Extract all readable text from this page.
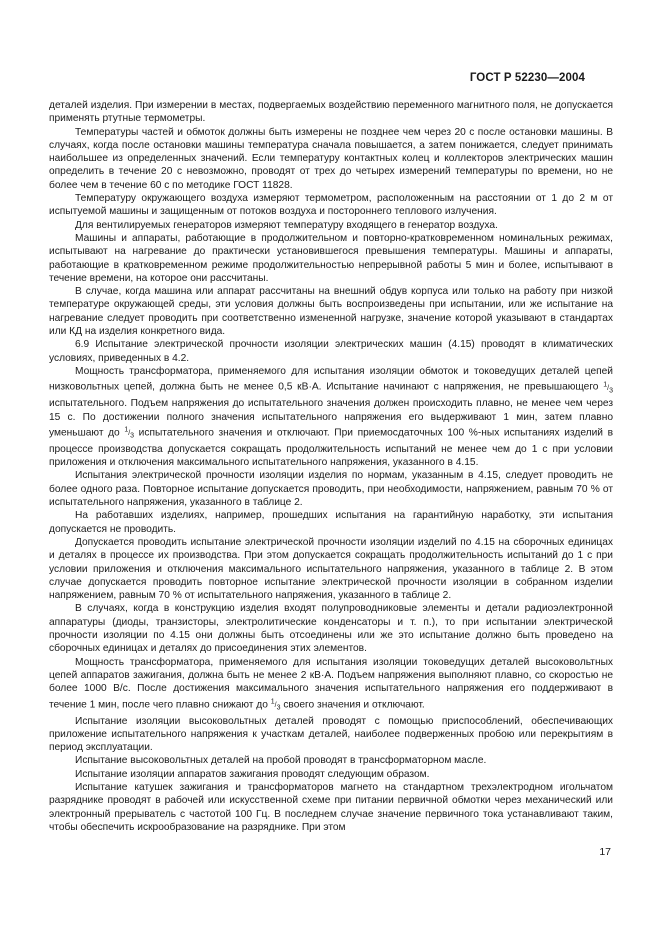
ГОСТ Р 52230—2004

деталей изделия. При измерении в местах, подвергаемых воздействию переменного магнитного поля, не допускается применять ртутные термометры.

Температуры частей и обмоток должны быть измерены не позднее чем через 20 с после остановки машины. В случаях, когда после остановки машины температура сначала повышается, а затем понижается, следует принимать наибольшее из определенных значений. Если температуру контактных колец и коллекторов электрических машин определить в течение 20 с невозможно, проводят от трех до четырех измерений температуры по времени, но не более чем в течение 60 с по методике ГОСТ 11828.

Температуру окружающего воздуха измеряют термометром, расположенным на расстоянии от 1 до 2 м от испытуемой машины и защищенным от потоков воздуха и постороннего теплового излучения.

Для вентилируемых генераторов измеряют температуру входящего в генератор воздуха.

Машины и аппараты, работающие в продолжительном и повторно-кратковременном номинальных режимах, испытывают на нагревание до практически установившегося превышения температуры. Машины и аппараты, работающие в кратковременном режиме продолжительностью непрерывной работы 5 мин и более, испытывают в течение времени, на которое они рассчитаны.

В случае, когда машина или аппарат рассчитаны на внешний обдув корпуса или только на работу при низкой температуре окружающей среды, эти условия должны быть воспроизведены при испытании, или же испытание на нагревание следует проводить при соответственно измененной нагрузке, значение которой указывают в стандартах или КД на изделия конкретного вида.

6.9 Испытание электрической прочности изоляции электрических машин (4.15) проводят в климатических условиях, приведенных в 4.2.

Мощность трансформатора, применяемого для испытания изоляции обмоток и токоведущих деталей цепей низковольтных цепей, должна быть не менее 0,5 кВ·А. Испытание начинают с напряжения, не превышающего 1/3 испытательного. Подъем напряжения до испытательного значения должен происходить плавно, не менее чем через 15 с. По достижении полного значения испытательного напряжения его выдерживают 1 мин, затем плавно уменьшают до 1/3 испытательного значения и отключают. При приемосдаточных 100 %-ных испытаниях изделий в процессе производства допускается сокращать продолжительность испытаний не менее чем до 1 с при условии приложения и отключения максимального испытательного напряжения, указанного в 4.15.

Испытания электрической прочности изоляции изделия по нормам, указанным в 4.15, следует проводить не более одного раза. Повторное испытание допускается проводить, при необходимости, напряжением, равным 70 % от испытательного напряжения, указанного в таблице 2.

На работавших изделиях, например, прошедших испытания на гарантийную наработку, эти испытания допускается не проводить.

Допускается проводить испытание электрической прочности изоляции изделий по 4.15 на сборочных единицах и деталях в процессе их производства. При этом допускается сокращать продолжительность испытаний до 1 с при условии приложения и отключения максимального испытательного напряжения, указанного в таблице 2. В этом случае допускается проводить повторное испытание электрической прочности изоляции в собранном изделии напряжением, равным 70 % от испытательного напряжения, указанного в таблице 2.

В случаях, когда в конструкцию изделия входят полупроводниковые элементы и детали радиоэлектронной аппаратуры (диоды, транзисторы, электролитические конденсаторы и т. п.), то при испытании электрической прочности изоляции по 4.15 они должны быть отсоединены или же это испытание должно быть проведено на сборочных единицах и деталях до присоединения этих элементов.

Мощность трансформатора, применяемого для испытания изоляции токоведущих деталей высоковольтных цепей аппаратов зажигания, должна быть не менее 2 кВ·А. Подъем напряжения выполняют плавно, со скоростью не более 1000 В/с. После достижения максимального значения испытательного напряжения его поддерживают в течение 1 мин, после чего плавно снижают до 1/3 своего значения и отключают.

Испытание изоляции высоковольтных деталей проводят с помощью приспособлений, обеспечивающих приложение испытательного напряжения к участкам деталей, наиболее подверженных пробою или перекрытиям в период эксплуатации.

Испытание высоковольтных деталей на пробой проводят в трансформаторном масле.

Испытание изоляции аппаратов зажигания проводят следующим образом.

Испытание катушек зажигания и трансформаторов магнето на стандартном трехэлектродном игольчатом разряднике проводят в рабочей или искусственной схеме при питании первичной обмотки через механический или электронный прерыватель с частотой 100 Гц. В последнем случае значение первичного тока устанавливают таким, чтобы обеспечить искрообразование на разряднике. При этом

17
